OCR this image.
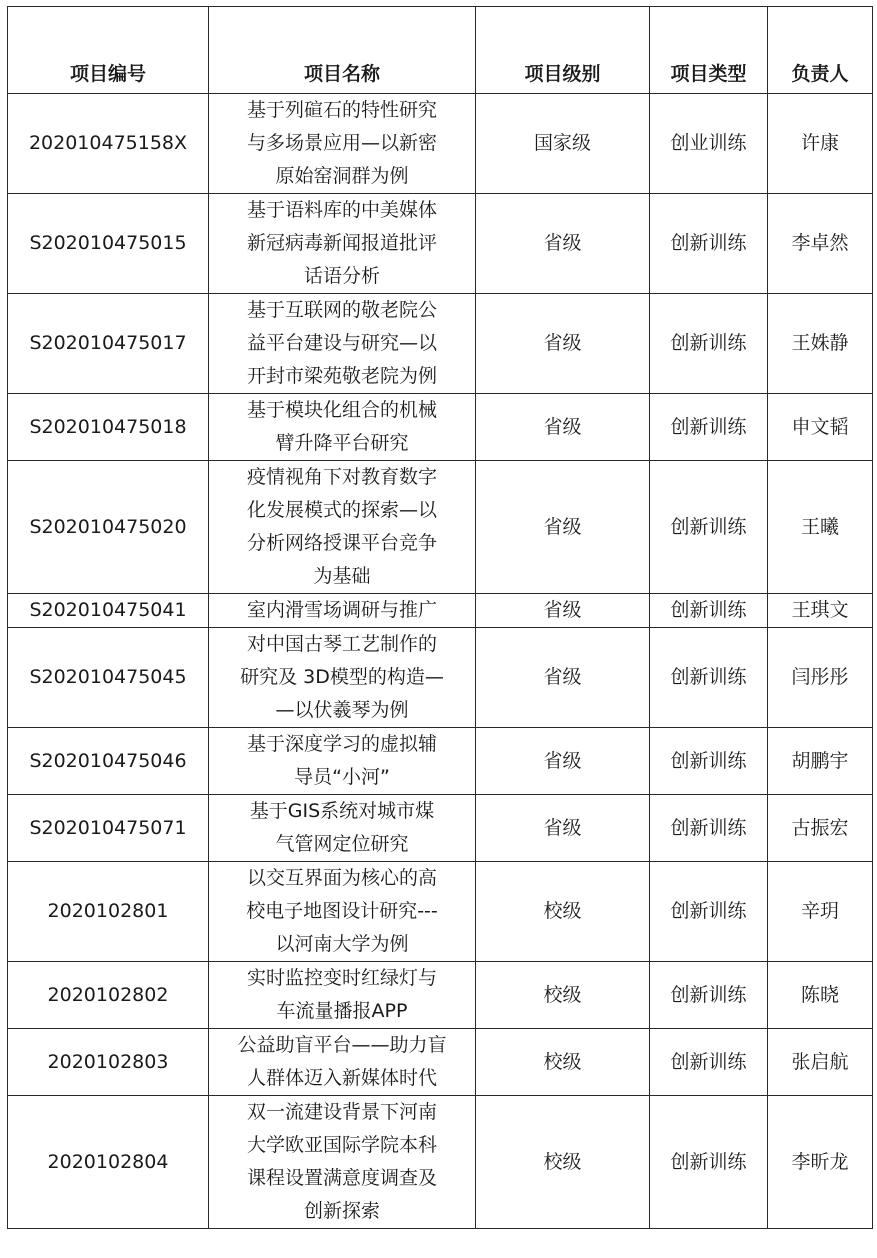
项目编号	项目名称	项目级别	项目类型	负责人
202010475158X	基于列碹石的特性研究
与多场景应用—以新密
原始窑洞群为例	国家级	创业训练	许康
S202010475015	基于语料库的中美媒体
新冠病毒新闻报道批评
话语分析	省级	创新训练	李卓然
S202010475017	基于互联网的敬老院公
益平台建设与研究—以
开封市梁苑敬老院为例	省级	创新训练	王姝静
S202010475018	基于模块化组合的机械
臂升降平台研究	省级	创新训练	申文韬
S202010475020	疫情视角下对教育数字
化发展模式的探索—以
分析网络授课平台竞争
为基础	省级	创新训练	王曦
S202010475041	室内滑雪场调研与推广	省级	创新训练	王琪文
S202010475045	对中国古琴工艺制作的
研究及 3D模型的构造—
—以伏羲琴为例	省级	创新训练	闫彤彤
S202010475046	基于深度学习的虚拟辅
导员“小河”	省级	创新训练	胡鹏宇
S202010475071	基于GIS系统对城市煤
气管网定位研究	省级	创新训练	古振宏
2020102801	以交互界面为核心的高
校电子地图设计研究---
以河南大学为例	校级	创新训练	辛玥
2020102802	实时监控变时红绿灯与
车流量播报APP	校级	创新训练	陈晓
2020102803	公益助盲平台——助力盲
人群体迈入新媒体时代	校级	创新训练	张启航
2020102804	双一流建设背景下河南
大学欧亚国际学院本科
课程设置满意度调查及
创新探索	校级	创新训练	李昕龙
